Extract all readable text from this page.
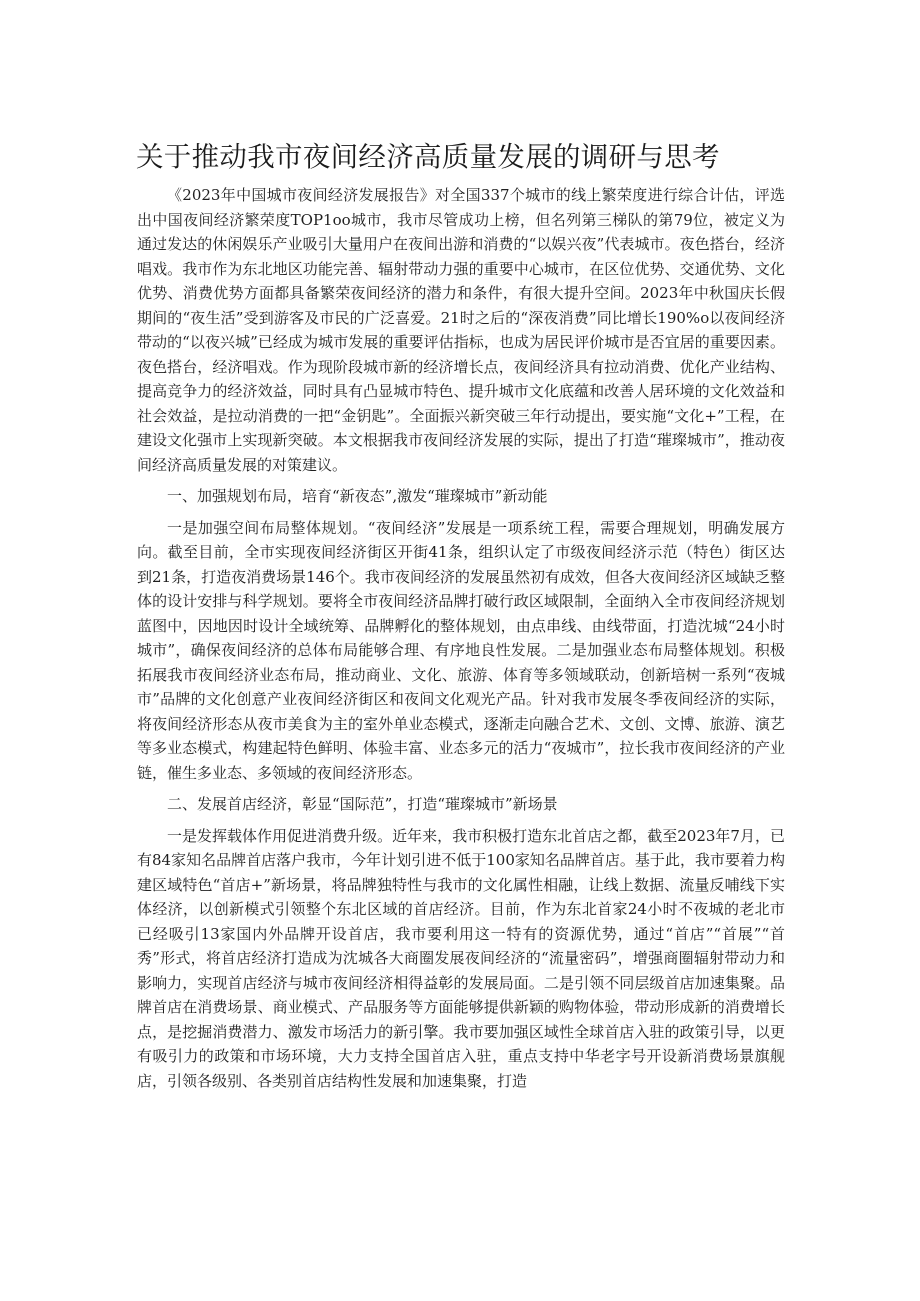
关于推动我市夜间经济高质量发展的调研与思考

《2023年中国城市夜间经济发展报告》对全国337个城市的线上繁荣度进行综合计估，评选出中国夜间经济繁荣度TOP1oo城市，我市尽管成功上榜，但名列第三梯队的第79位，被定义为通过发达的休闲娱乐产业吸引大量用户在夜间出游和消费的“以娱兴夜”代表城市。夜色搭台，经济唱戏。我市作为东北地区功能完善、辐射带动力强的重要中心城市，在区位优势、交通优势、文化优势、消费优势方面都具备繁荣夜间经济的潜力和条件，有很大提升空间。2023年中秋国庆长假期间的“夜生活”受到游客及市民的广泛喜爱。21时之后的“深夜消费”同比增长190%o以夜间经济带动的“以夜兴城”已经成为城市发展的重要评估指标，也成为居民评价城市是否宜居的重要因素。夜色搭台，经济唱戏。作为现阶段城市新的经济增长点，夜间经济具有拉动消费、优化产业结构、提高竞争力的经济效益，同时具有凸显城市特色、提升城市文化底蕴和改善人居环境的文化效益和社会效益，是拉动消费的一把“金钥匙”。全面振兴新突破三年行动提出，要实施“文化+”工程，在建设文化强市上实现新突破。本文根据我市夜间经济发展的实际，提出了打造“璀璨城市”，推动夜间经济高质量发展的对策建议。

一、加强规划布局，培育“新夜态”,激发“璀璨城市”新动能

一是加强空间布局整体规划。“夜间经济”发展是一项系统工程，需要合理规划，明确发展方向。截至目前，全市实现夜间经济街区开街41条，组织认定了市级夜间经济示范（特色）街区达到21条，打造夜消费场景146个。我市夜间经济的发展虽然初有成效，但各大夜间经济区域缺乏整体的设计安排与科学规划。要将全市夜间经济品牌打破行政区域限制，全面纳入全市夜间经济规划蓝图中，因地因时设计全域统筹、品牌孵化的整体规划，由点串线、由线带面，打造沈城“24小时城市”，确保夜间经济的总体布局能够合理、有序地良性发展。二是加强业态布局整体规划。积极拓展我市夜间经济业态布局，推动商业、文化、旅游、体育等多领域联动，创新培树一系列“夜城市”品牌的文化创意产业夜间经济街区和夜间文化观光产品。针对我市发展冬季夜间经济的实际，将夜间经济形态从夜市美食为主的室外单业态模式，逐渐走向融合艺术、文创、文博、旅游、演艺等多业态模式，构建起特色鲜明、体验丰富、业态多元的活力“夜城市”，拉长我市夜间经济的产业链，催生多业态、多领域的夜间经济形态。

二、发展首店经济，彰显“国际范”，打造“璀璨城市”新场景

一是发挥载体作用促进消费升级。近年来，我市积极打造东北首店之都，截至2023年7月，已有84家知名品牌首店落户我市，今年计划引进不低于100家知名品牌首店。基于此，我市要着力构建区域特色“首店+”新场景，将品牌独特性与我市的文化属性相融，让线上数据、流量反哺线下实体经济，以创新模式引领整个东北区域的首店经济。目前，作为东北首家24小时不夜城的老北市已经吸引13家国内外品牌开设首店，我市要利用这一特有的资源优势，通过“首店”“首展”“首秀”形式，将首店经济打造成为沈城各大商圈发展夜间经济的“流量密码”，增强商圈辐射带动力和影响力，实现首店经济与城市夜间经济相得益彰的发展局面。二是引领不同层级首店加速集聚。品牌首店在消费场景、商业模式、产品服务等方面能够提供新颖的购物体验，带动形成新的消费增长点，是挖掘消费潜力、激发市场活力的新引擎。我市要加强区域性全球首店入驻的政策引导，以更有吸引力的政策和市场环境，大力支持全国首店入驻，重点支持中华老字号开设新消费场景旗舰店，引领各级别、各类别首店结构性发展和加速集聚，打造
